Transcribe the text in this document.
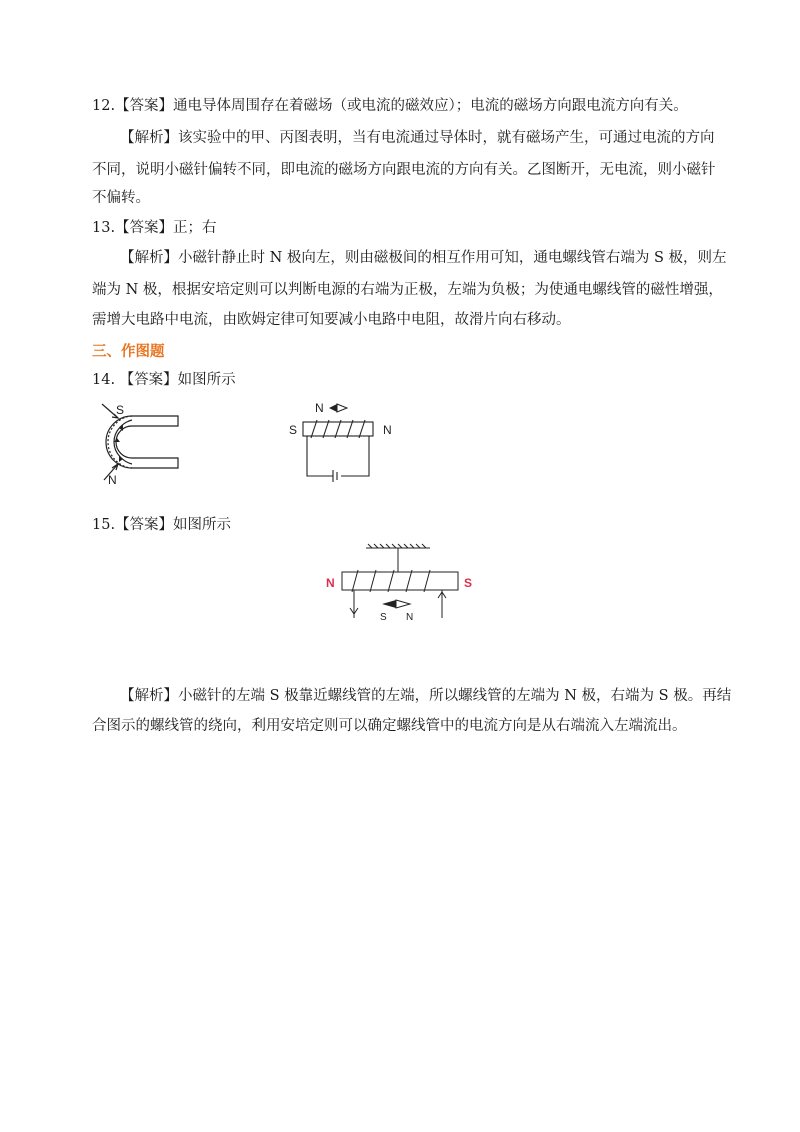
12.【答案】通电导体周围存在着磁场（或电流的磁效应）；电流的磁场方向跟电流方向有关。
【解析】该实验中的甲、丙图表明，当有电流通过导体时，就有磁场产生，可通过电流的方向
不同，说明小磁针偏转不同，即电流的磁场方向跟电流的方向有关。乙图断开，无电流，则小磁针
不偏转。
13.【答案】正；右
【解析】小磁针静止时 N 极向左，则由磁极间的相互作用可知，通电螺线管右端为 S 极，则左
端为 N 极，根据安培定则可以判断电源的右端为正极，左端为负极；为使通电螺线管的磁性增强，
需增大电路中电流，由欧姆定律可知要减小电路中电阻，故滑片向右移动。
三、作图题
14. 【答案】如图所示
S
N
N
S	N
15.【答案】如图所示
N	S
S N
【解析】小磁针的左端 S 极靠近螺线管的左端，所以螺线管的左端为 N 极，右端为 S 极。再结
合图示的螺线管的绕向，利用安培定则可以确定螺线管中的电流方向是从右端流入左端流出。
